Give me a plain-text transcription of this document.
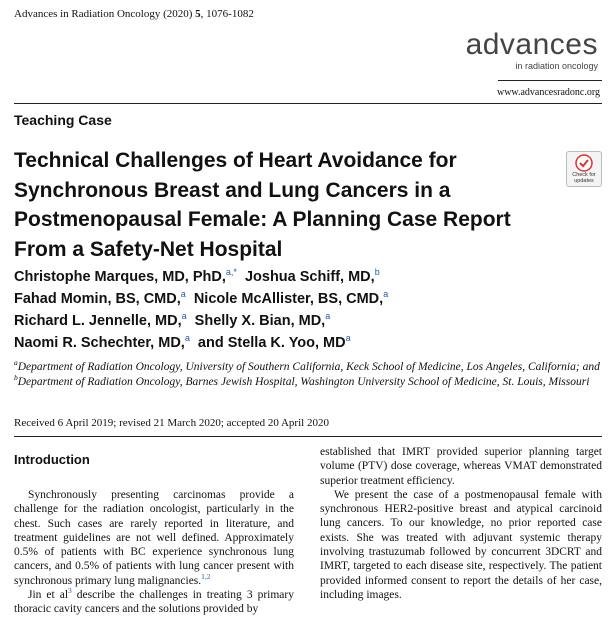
Advances in Radiation Oncology (2020) 5, 1076-1082
advances
in radiation oncology
www.advancesradonc.org
Teaching Case
Technical Challenges of Heart Avoidance for Synchronous Breast and Lung Cancers in a Postmenopausal Female: A Planning Case Report From a Safety-Net Hospital
Check for updates
Christophe Marques, MD, PhD,$^{a,*}$ Joshua Schiff, MD,$^b$
Fahad Momin, BS, CMD,$^a$ Nicole McAllister, BS, CMD,$^a$
Richard L. Jennelle, MD,$^a$ Shelly X. Bian, MD,$^a$
Naomi R. Schechter, MD,$^a$ and Stella K. Yoo, $MD^a$
$^a$Department of Radiation Oncology, University of Southern California, Keck School of Medicine, Los Angeles, California; and $^b$Department of Radiation Oncology, Barnes Jewish Hospital, Washington University School of Medicine, St. Louis, Missouri
Received 6 April 2019; revised 21 March 2020; accepted 20 April 2020
Introduction

Synchronously presenting carcinomas provide a challenge for the radiation oncologist, particularly in the chest. Such cases are rarely reported in literature, and treatment guidelines are not well defined. Approximately 0.5% of patients with BC experience synchronous lung cancers, and 0.5% of patients with lung cancer present with synchronous primary lung malignancies.$^{1,2}$

Jin et $al^3$ describe the challenges in treating 3 primary thoracic cavity cancers and the solutions provided by

established that IMRT provided superior planning target volume (PTV) dose coverage, whereas VMAT demonstrated superior treatment efficiency.

We present the case of a postmenopausal female with synchronous HER2-positive breast and atypical carcinoid lung cancers. To our knowledge, no prior reported case exists. She was treated with adjuvant systemic therapy involving trastuzumab followed by concurrent 3DCRT and IMRT, targeted to each disease site, respectively. The patient provided informed consent to report the details of her case, including images.
